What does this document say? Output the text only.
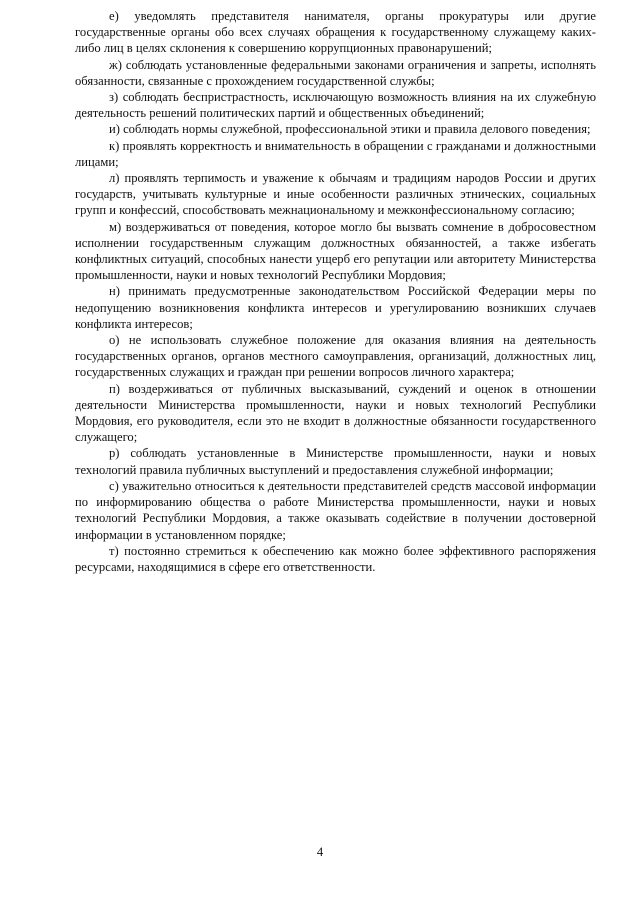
е) уведомлять представителя нанимателя, органы прокуратуры или другие государственные органы обо всех случаях обращения к государственному служащему каких-либо лиц в целях склонения к совершению коррупционных правонарушений;

ж) соблюдать установленные федеральными законами ограничения и запреты, исполнять обязанности, связанные с прохождением государственной службы;

з) соблюдать беспристрастность, исключающую возможность влияния на их служебную деятельность решений политических партий и общественных объединений;

и) соблюдать нормы служебной, профессиональной этики и правила делового поведения;

к) проявлять корректность и внимательность в обращении с гражданами и должностными лицами;

л) проявлять терпимость и уважение к обычаям и традициям народов России и других государств, учитывать культурные и иные особенности различных этнических, социальных групп и конфессий, способствовать межнациональному и межконфессиональному согласию;

м) воздерживаться от поведения, которое могло бы вызвать сомнение в добросовестном исполнении государственным служащим должностных обязанностей, а также избегать конфликтных ситуаций, способных нанести ущерб его репутации или авторитету Министерства промышленности, науки и новых технологий Республики Мордовия;

н) принимать предусмотренные законодательством Российской Федерации меры по недопущению возникновения конфликта интересов и урегулированию возникших случаев конфликта интересов;

о) не использовать служебное положение для оказания влияния на деятельность государственных органов, органов местного самоуправления, организаций, должностных лиц, государственных служащих и граждан при решении вопросов личного характера;

п) воздерживаться от публичных высказываний, суждений и оценок в отношении деятельности Министерства промышленности, науки и новых технологий Республики Мордовия, его руководителя, если это не входит в должностные обязанности государственного служащего;

р) соблюдать установленные в Министерстве промышленности, науки и новых технологий правила публичных выступлений и предоставления служебной информации;

с) уважительно относиться к деятельности представителей средств массовой информации по информированию общества о работе Министерства промышленности, науки и новых технологий Республики Мордовия, а также оказывать содействие в получении достоверной информации в установленном порядке;

т) постоянно стремиться к обеспечению как можно более эффективного распоряжения ресурсами, находящимися в сфере его ответственности.

4
